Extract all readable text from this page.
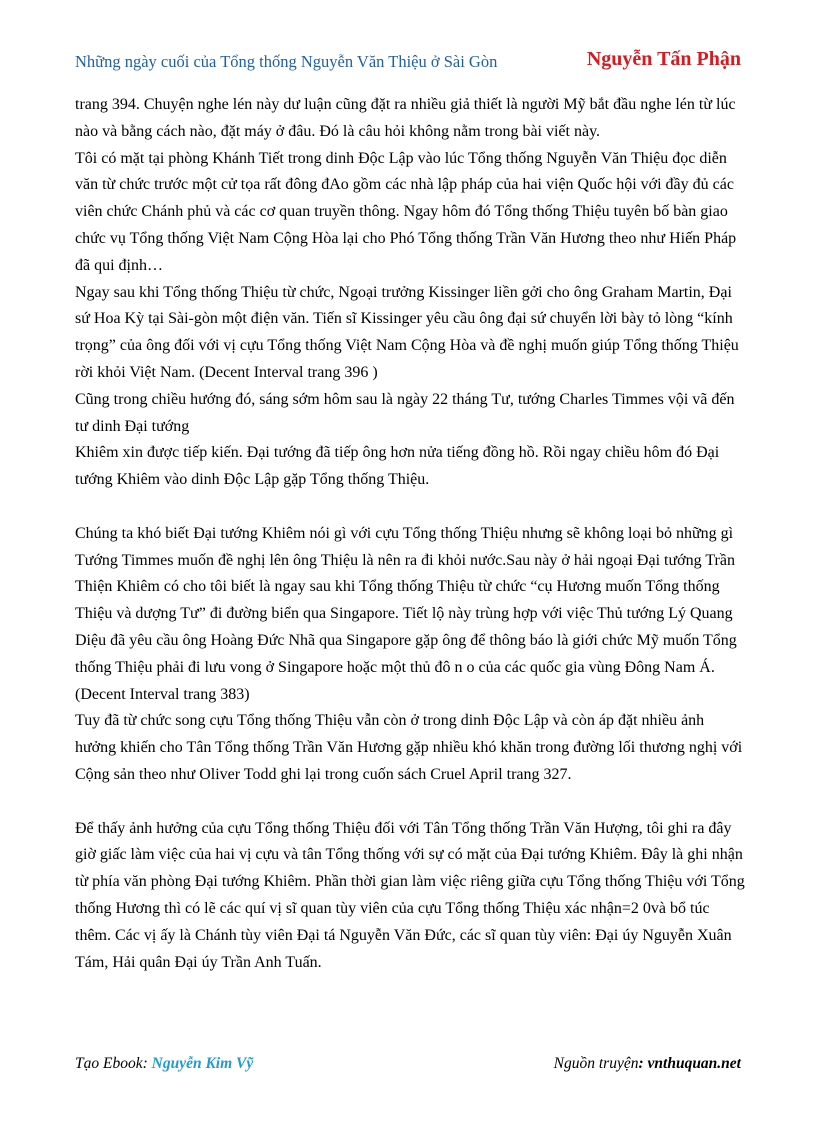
Những ngày cuối của Tổng thống Nguyễn Văn Thiệu ở Sài Gòn	Nguyễn Tấn Phận

trang 394. Chuyện nghe lén này dư luận cũng đặt ra nhiều giả thiết là người Mỹ bắt đầu nghe lén từ lúc nào và bằng cách nào, đặt máy ở đâu. Đó là câu hỏi không nằm trong bài viết này.

Tôi có mặt tại phòng Khánh Tiết trong dinh Độc Lập vào lúc Tổng thống Nguyễn Văn Thiệu đọc diễn văn từ chức trước một cử tọa rất đông đAo gồm các nhà lập pháp của hai viện Quốc hội với đầy đủ các viên chức Chánh phủ và các cơ quan truyền thông. Ngay hôm đó Tổng thống Thiệu tuyên bố bàn giao chức vụ Tổng thống Việt Nam Cộng Hòa lại cho Phó Tổng thống Trần Văn Hương theo như Hiến Pháp đã qui định…

Ngay sau khi Tổng thống Thiệu từ chức, Ngoại trưởng Kissinger liền gởi cho ông Graham Martin, Đại sứ Hoa Kỳ tại Sài-gòn một điện văn. Tiến sĩ Kissinger yêu cầu ông đại sứ chuyển lời bày tỏ lòng “kính trọng” của ông đối với vị cựu Tổng thống Việt Nam Cộng Hòa và đề nghị muốn giúp Tổng thống Thiệu rời khỏi Việt Nam. (Decent Interval trang 396 )

Cũng trong chiều hướng đó, sáng sớm hôm sau là ngày 22 tháng Tư, tướng Charles Timmes vội vã đến tư dinh Đại tướng

Khiêm xin được tiếp kiến. Đại tướng đã tiếp ông hơn nửa tiếng đồng hồ. Rồi ngay chiều hôm đó Đại tướng Khiêm vào dinh Độc Lập gặp Tổng thống Thiệu.

Chúng ta khó biết Đại tướng Khiêm nói gì với cựu Tổng thống Thiệu nhưng sẽ không loại bỏ những gì Tướng Timmes muốn đề nghị lên ông Thiệu là nên ra đi khỏi nước.Sau này ở hải ngoại Đại tướng Trần Thiện Khiêm có cho tôi biết là ngay sau khi Tổng thống Thiệu từ chức “cụ Hương muốn Tổng thống Thiệu và dượng Tư” đi đường biển qua Singapore. Tiết lộ này trùng hợp với việc Thủ tướng Lý Quang Diệu đã yêu cầu ông Hoàng Đức Nhã qua Singapore gặp ông để thông báo là giới chức Mỹ muốn Tổng thống Thiệu phải đi lưu vong ở Singapore hoặc một thủ đô n o của các quốc gia vùng Đông Nam Á.

(Decent Interval trang 383)

Tuy đã từ chức song cựu Tổng thống Thiệu vẫn còn ở trong dinh Độc Lập và còn áp đặt nhiều ảnh hưởng khiến cho Tân Tổng thống Trần Văn Hương gặp nhiều khó khăn trong đường lối thương nghị với Cộng sản theo như Oliver Todd ghi lại trong cuốn sách Cruel April trang 327.

Để thấy ảnh hưởng của cựu Tổng thống Thiệu đối với Tân Tổng thống Trần Văn Hượng, tôi ghi ra đây giờ giấc làm việc của hai vị cựu và tân Tổng thống với sự có mặt của Đại tướng Khiêm. Đây là ghi nhận từ phía văn phòng Đại tướng Khiêm. Phần thời gian làm việc riêng giữa cựu Tổng thống Thiệu với Tổng thống Hương thì có lẽ các quí vị sĩ quan tùy viên của cựu Tổng thống Thiệu xác nhận=2 0và bổ túc thêm. Các vị ấy là Chánh tùy viên Đại tá Nguyễn Văn Đức, các sĩ quan tùy viên: Đại úy Nguyễn Xuân Tám, Hải quân Đại úy Trần Anh Tuấn.

Tạo Ebook: Nguyễn Kim Vỹ	Nguồn truyện: vnthuquan.net
